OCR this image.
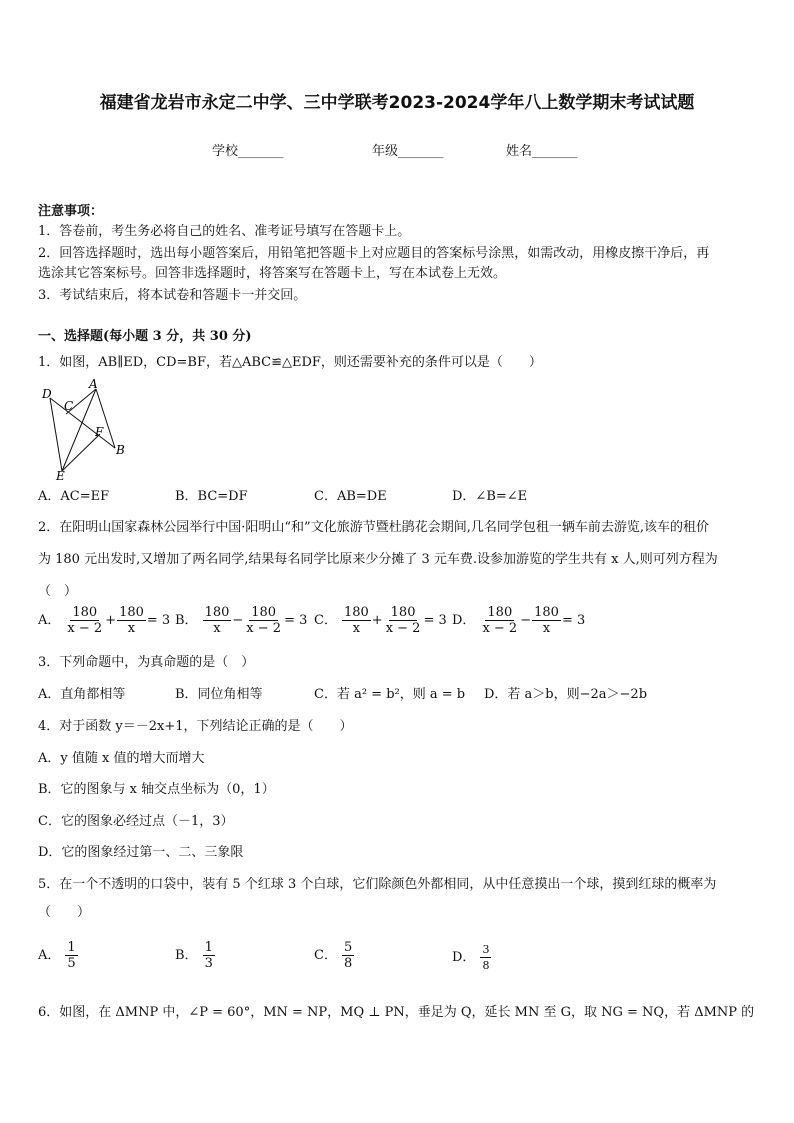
福建省龙岩市永定二中学、三中学联考2023-2024学年八上数学期末考试试题
学校_______	年级_______	姓名_______
注意事项：
1．答卷前，考生务必将自己的姓名、准考证号填写在答题卡上。
2．回答选择题时，选出每小题答案后，用铅笔把答题卡上对应题目的答案标号涂黑，如需改动，用橡皮擦干净后，再
选涂其它答案标号。回答非选择题时，将答案写在答题卡上，写在本试卷上无效。
3．考试结束后，将本试卷和答题卡一并交回。
一、选择题(每小题 3 分，共 30 分)
1．如图，AB∥ED，CD=BF，若△ABC≌△EDF，则还需要补充的条件可以是（　　）
D
A
C
F
B
E
A．AC=EF	B．BC=DF	C．AB=DE	D．∠B=∠E
2．在阳明山国家森林公园举行中国·阳明山“和”文化旅游节暨杜鹃花会期间,几名同学包租一辆车前去游览,该车的租价
为 180 元出发时,又增加了两名同学,结果每名同学比原来少分摊了 3 元车费.设参加游览的学生共有 x 人,则可列方程为
（　）
A． $\frac{180}{x - 2} + \frac{180}{x} = 3$ B． $\frac{180}{x} - \frac{180}{x - 2} = 3$ C． $\frac{180}{x} + \frac{180}{x - 2} = 3$ D． $\frac{180}{x - 2} - \frac{180}{x} = 3$
3．下列命题中，为真命题的是（　）
A．直角都相等	B．同位角相等	C．若 a² = b²，则 a = b D．若 a＞b，则−2a＞−2b
4．对于函数 y＝－2x+1，下列结论正确的是（　　）
A．y 值随 x 值的增大而增大
B．它的图象与 x 轴交点坐标为（0，1）
C．它的图象必经过点（－1，3）
D．它的图象经过第一、二、三象限
5．在一个不透明的口袋中，装有 5 个红球 3 个白球，它们除颜色外都相同，从中任意摸出一个球，摸到红球的概率为
（　　）
A． $\frac{1}{5}$	B． $\frac{1}{3}$	C． $\frac{5}{8}$	D． $\frac{3}{8}$
6．如图，在 ΔMNP 中，∠P = 60°，MN = NP，MQ ⊥ PN，垂足为 Q，延长 MN 至 G，取 NG = NQ，若 ΔMNP 的
